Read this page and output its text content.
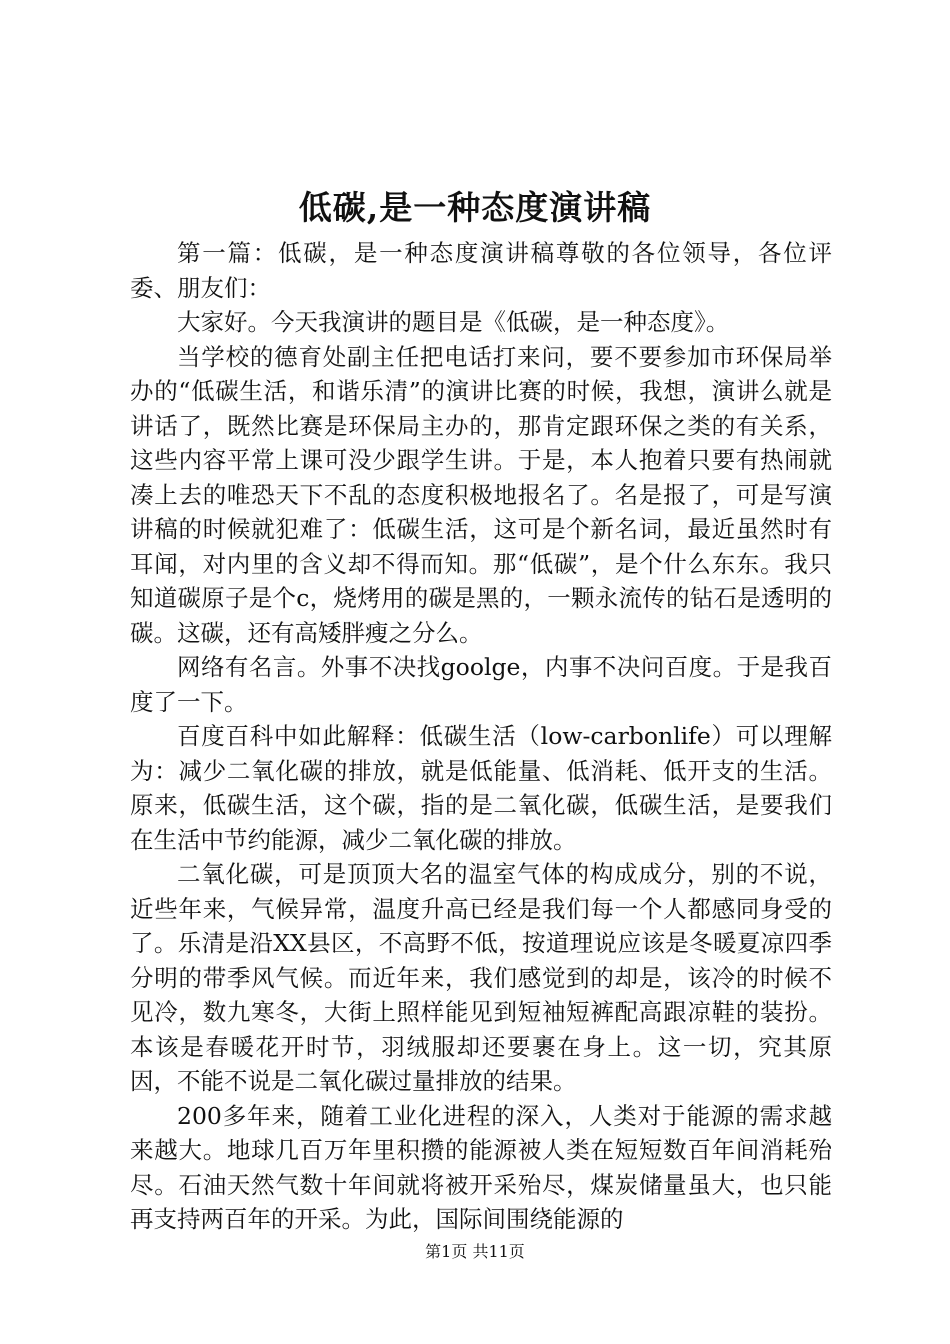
低碳,是一种态度演讲稿

第一篇：低碳，是一种态度演讲稿尊敬的各位领导，各位评委、朋友们：

大家好。今天我演讲的题目是《低碳，是一种态度》。

当学校的德育处副主任把电话打来问，要不要参加市环保局举办的“低碳生活，和谐乐清”的演讲比赛的时候，我想，演讲么就是讲话了，既然比赛是环保局主办的，那肯定跟环保之类的有关系，这些内容平常上课可没少跟学生讲。于是，本人抱着只要有热闹就凑上去的唯恐天下不乱的态度积极地报名了。名是报了，可是写演讲稿的时候就犯难了：低碳生活，这可是个新名词，最近虽然时有耳闻，对内里的含义却不得而知。那“低碳”，是个什么东东。我只知道碳原子是个c，烧烤用的碳是黑的，一颗永流传的钻石是透明的碳。这碳，还有高矮胖瘦之分么。

网络有名言。外事不决找goolge，内事不决问百度。于是我百度了一下。

百度百科中如此解释：低碳生活（low-carbonlife）可以理解为：减少二氧化碳的排放，就是低能量、低消耗、低开支的生活。原来，低碳生活，这个碳，指的是二氧化碳，低碳生活，是要我们在生活中节约能源，减少二氧化碳的排放。

二氧化碳，可是顶顶大名的温室气体的构成成分，别的不说，近些年来，气候异常，温度升高已经是我们每一个人都感同身受的了。乐清是沿XX县区，不高野不低，按道理说应该是冬暖夏凉四季分明的带季风气候。而近年来，我们感觉到的却是，该冷的时候不见冷，数九寒冬，大街上照样能见到短袖短裤配高跟凉鞋的装扮。本该是春暖花开时节，羽绒服却还要裹在身上。这一切，究其原因，不能不说是二氧化碳过量排放的结果。

200多年来，随着工业化进程的深入，人类对于能源的需求越来越大。地球几百万年里积攒的能源被人类在短短数百年间消耗殆尽。石油天然气数十年间就将被开采殆尽，煤炭储量虽大，也只能再支持两百年的开采。为此，国际间围绕能源的

第1页 共11页
